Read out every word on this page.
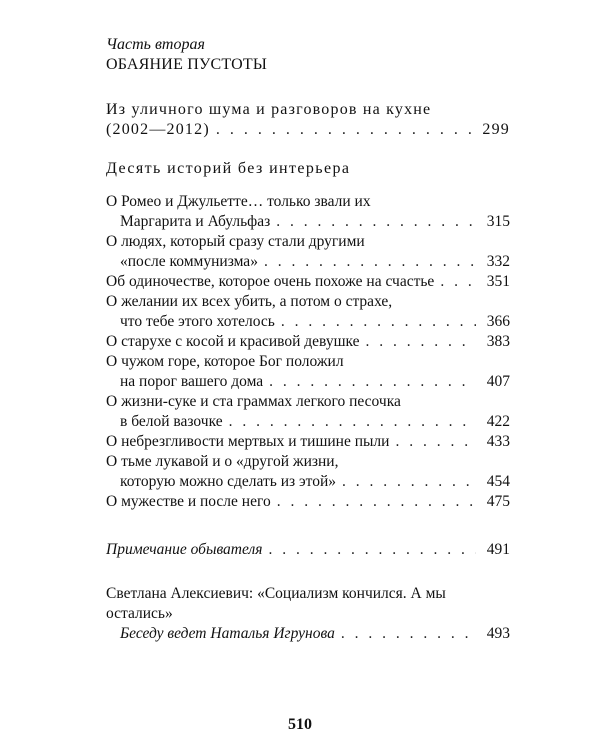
Часть вторая
ОБАЯНИЕ ПУСТОТЫ
Из уличного шума и разговоров на кухне
(2002—2012) . . .	299
Десять историй без интерьера
О Ромео и Джульетте… только звали их
Маргарита и Абульфаз . . .	315
О людях, который сразу стали другими
«после коммунизма» . . .	332
Об одиночестве, которое очень похоже на счастье . . .	351
О желании их всех убить, а потом о страхе,
что тебе этого хотелось . . .	366
О старухе с косой и красивой девушке . . .	383
О чужом горе, которое Бог положил
на порог вашего дома . . .	407
О жизни-суке и ста граммах легкого песочка
в белой вазочке . . .	422
О небрезгливости мертвых и тишине пыли . . .	433
О тьме лукавой и о «другой жизни,
которую можно сделать из этой» . . .	454
О мужестве и после него . . .	475
Примечание обывателя . . .	491
Светлана Алексиевич: «Социализм кончился. А мы
остались»
Беседу ведет Наталья Игрунова . . .	493
510
